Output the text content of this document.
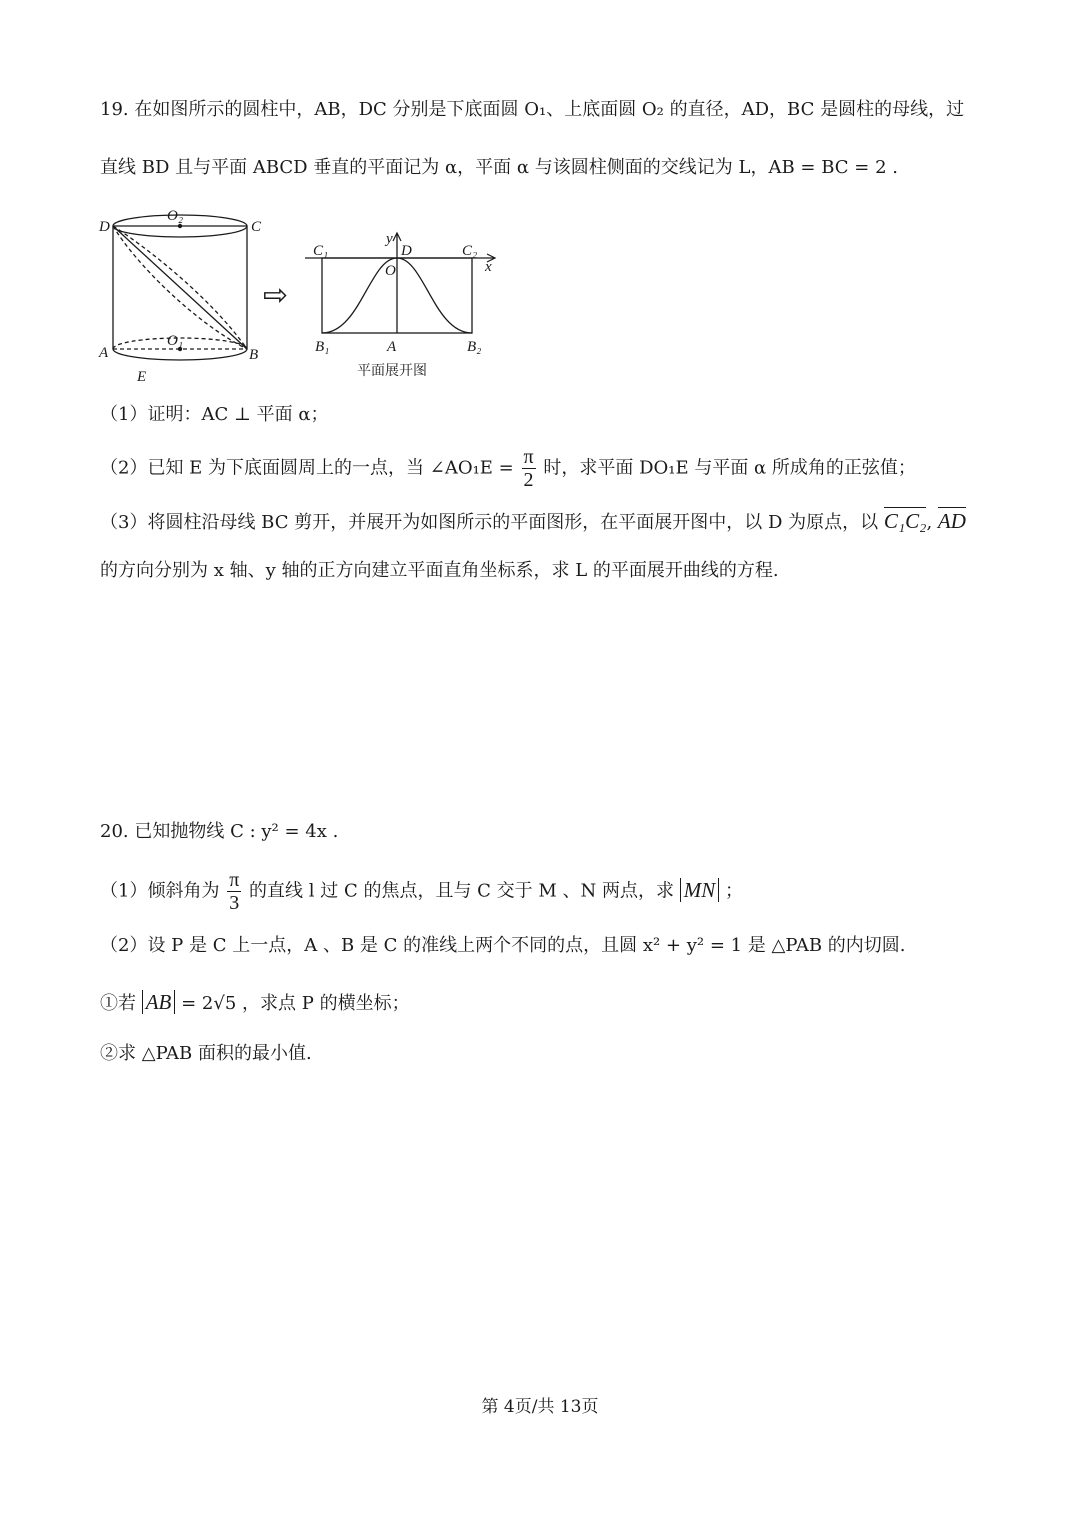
19. 在如图所示的圆柱中，AB，DC 分别是下底面圆 O₁、上底面圆 O₂ 的直径，AD，BC 是圆柱的母线，过
直线 BD 且与平面 ABCD 垂直的平面记为 α，平面 α 与该圆柱侧面的交线记为 L，AB = BC = 2 .
D	C
O₂
A	B
O₁
E
⇨
C₁	C₂
D
O
y
x
B₁	A	B₂
平面展开图
（1）证明：AC ⊥ 平面 α；
（2）已知 E 为下底面圆周上的一点，当 ∠AO₁E = $\frac{\pi}{2}$ 时，求平面 DO₁E 与平面 α 所成角的正弦值；
（3）将圆柱沿母线 BC 剪开，并展开为如图所示的平面图形，在平面展开图中，以 D 为原点，以 C₁C₂, AD
的方向分别为 x 轴、y 轴的正方向建立平面直角坐标系，求 L 的平面展开曲线的方程.
20. 已知抛物线 C : y² = 4x .
（1）倾斜角为 $\frac{\pi}{3}$ 的直线 l 过 C 的焦点，且与 C 交于 M 、N 两点，求 MN ；
（2）设 P 是 C 上一点，A 、B 是 C 的准线上两个不同的点，且圆 x² + y² = 1 是 △PAB 的内切圆.
①若 AB = 2√5 ，求点 P 的横坐标；
②求 △PAB 面积的最小值.
第 4页/共 13页
